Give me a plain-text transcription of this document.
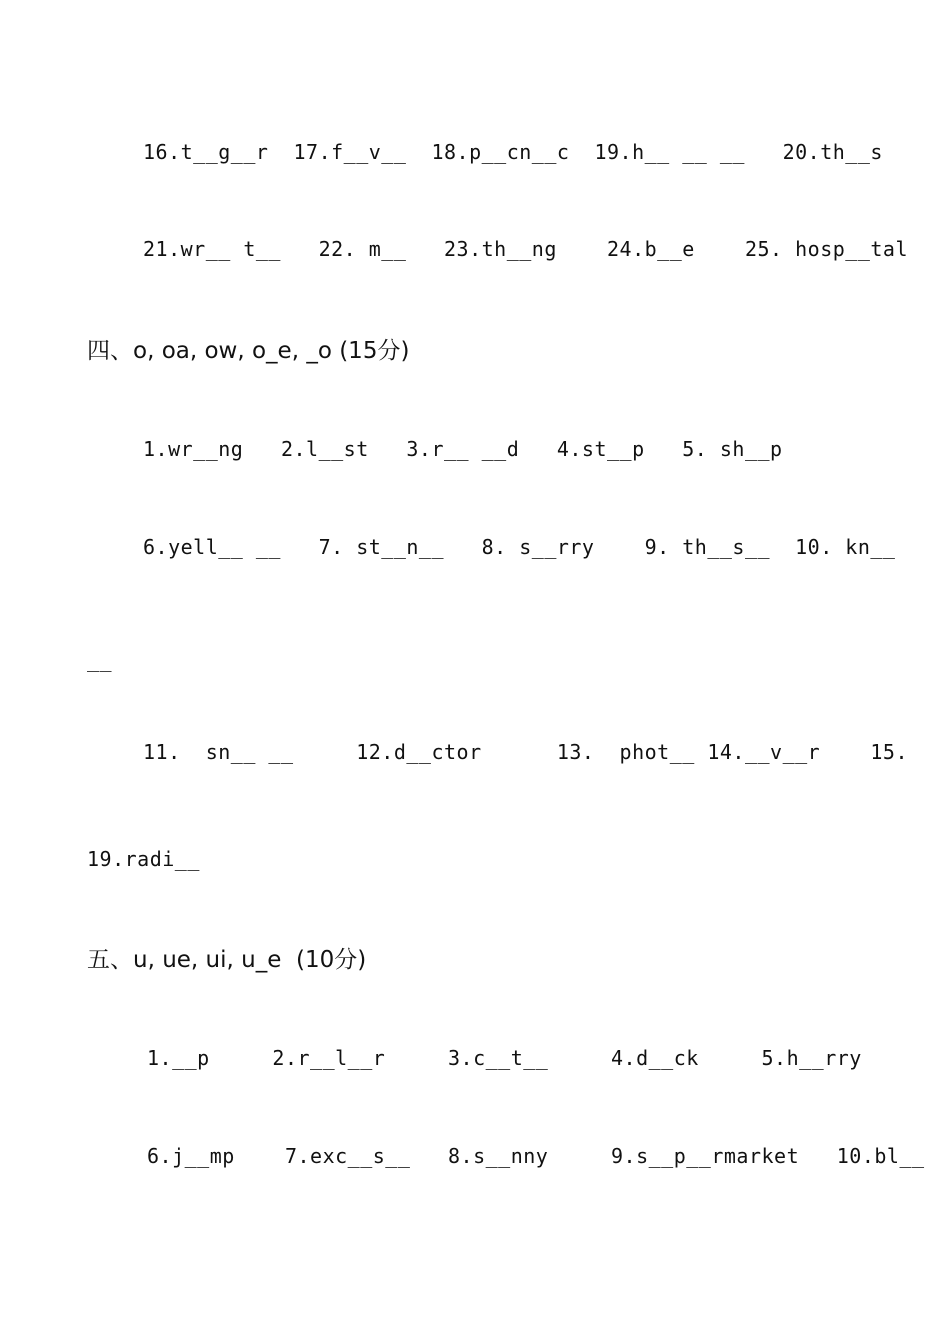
16.t__g__r  17.f__v__  18.p__cn__c  19.h__ __ __   20.th__s
21.wr__ t__   22. m__   23.th__ng    24.b__e    25. hosp__tal
四、o, oa, ow, o_e, _o (15分)
1.wr__ng   2.l__st   3.r__ __d   4.st__p   5. sh__p
6.yell__ __   7. st__n__   8. s__rry    9. th__s__  10. kn__
__
11.  sn__ __     12.d__ctor      13.  phot__ 14.__v__r    15.
19.radi__
五、u, ue, ui, u_e  (10分)
1.__p     2.r__l__r     3.c__t__     4.d__ck     5.h__rry
6.j__mp    7.exc__s__   8.s__nny     9.s__p__rmarket   10.bl__
